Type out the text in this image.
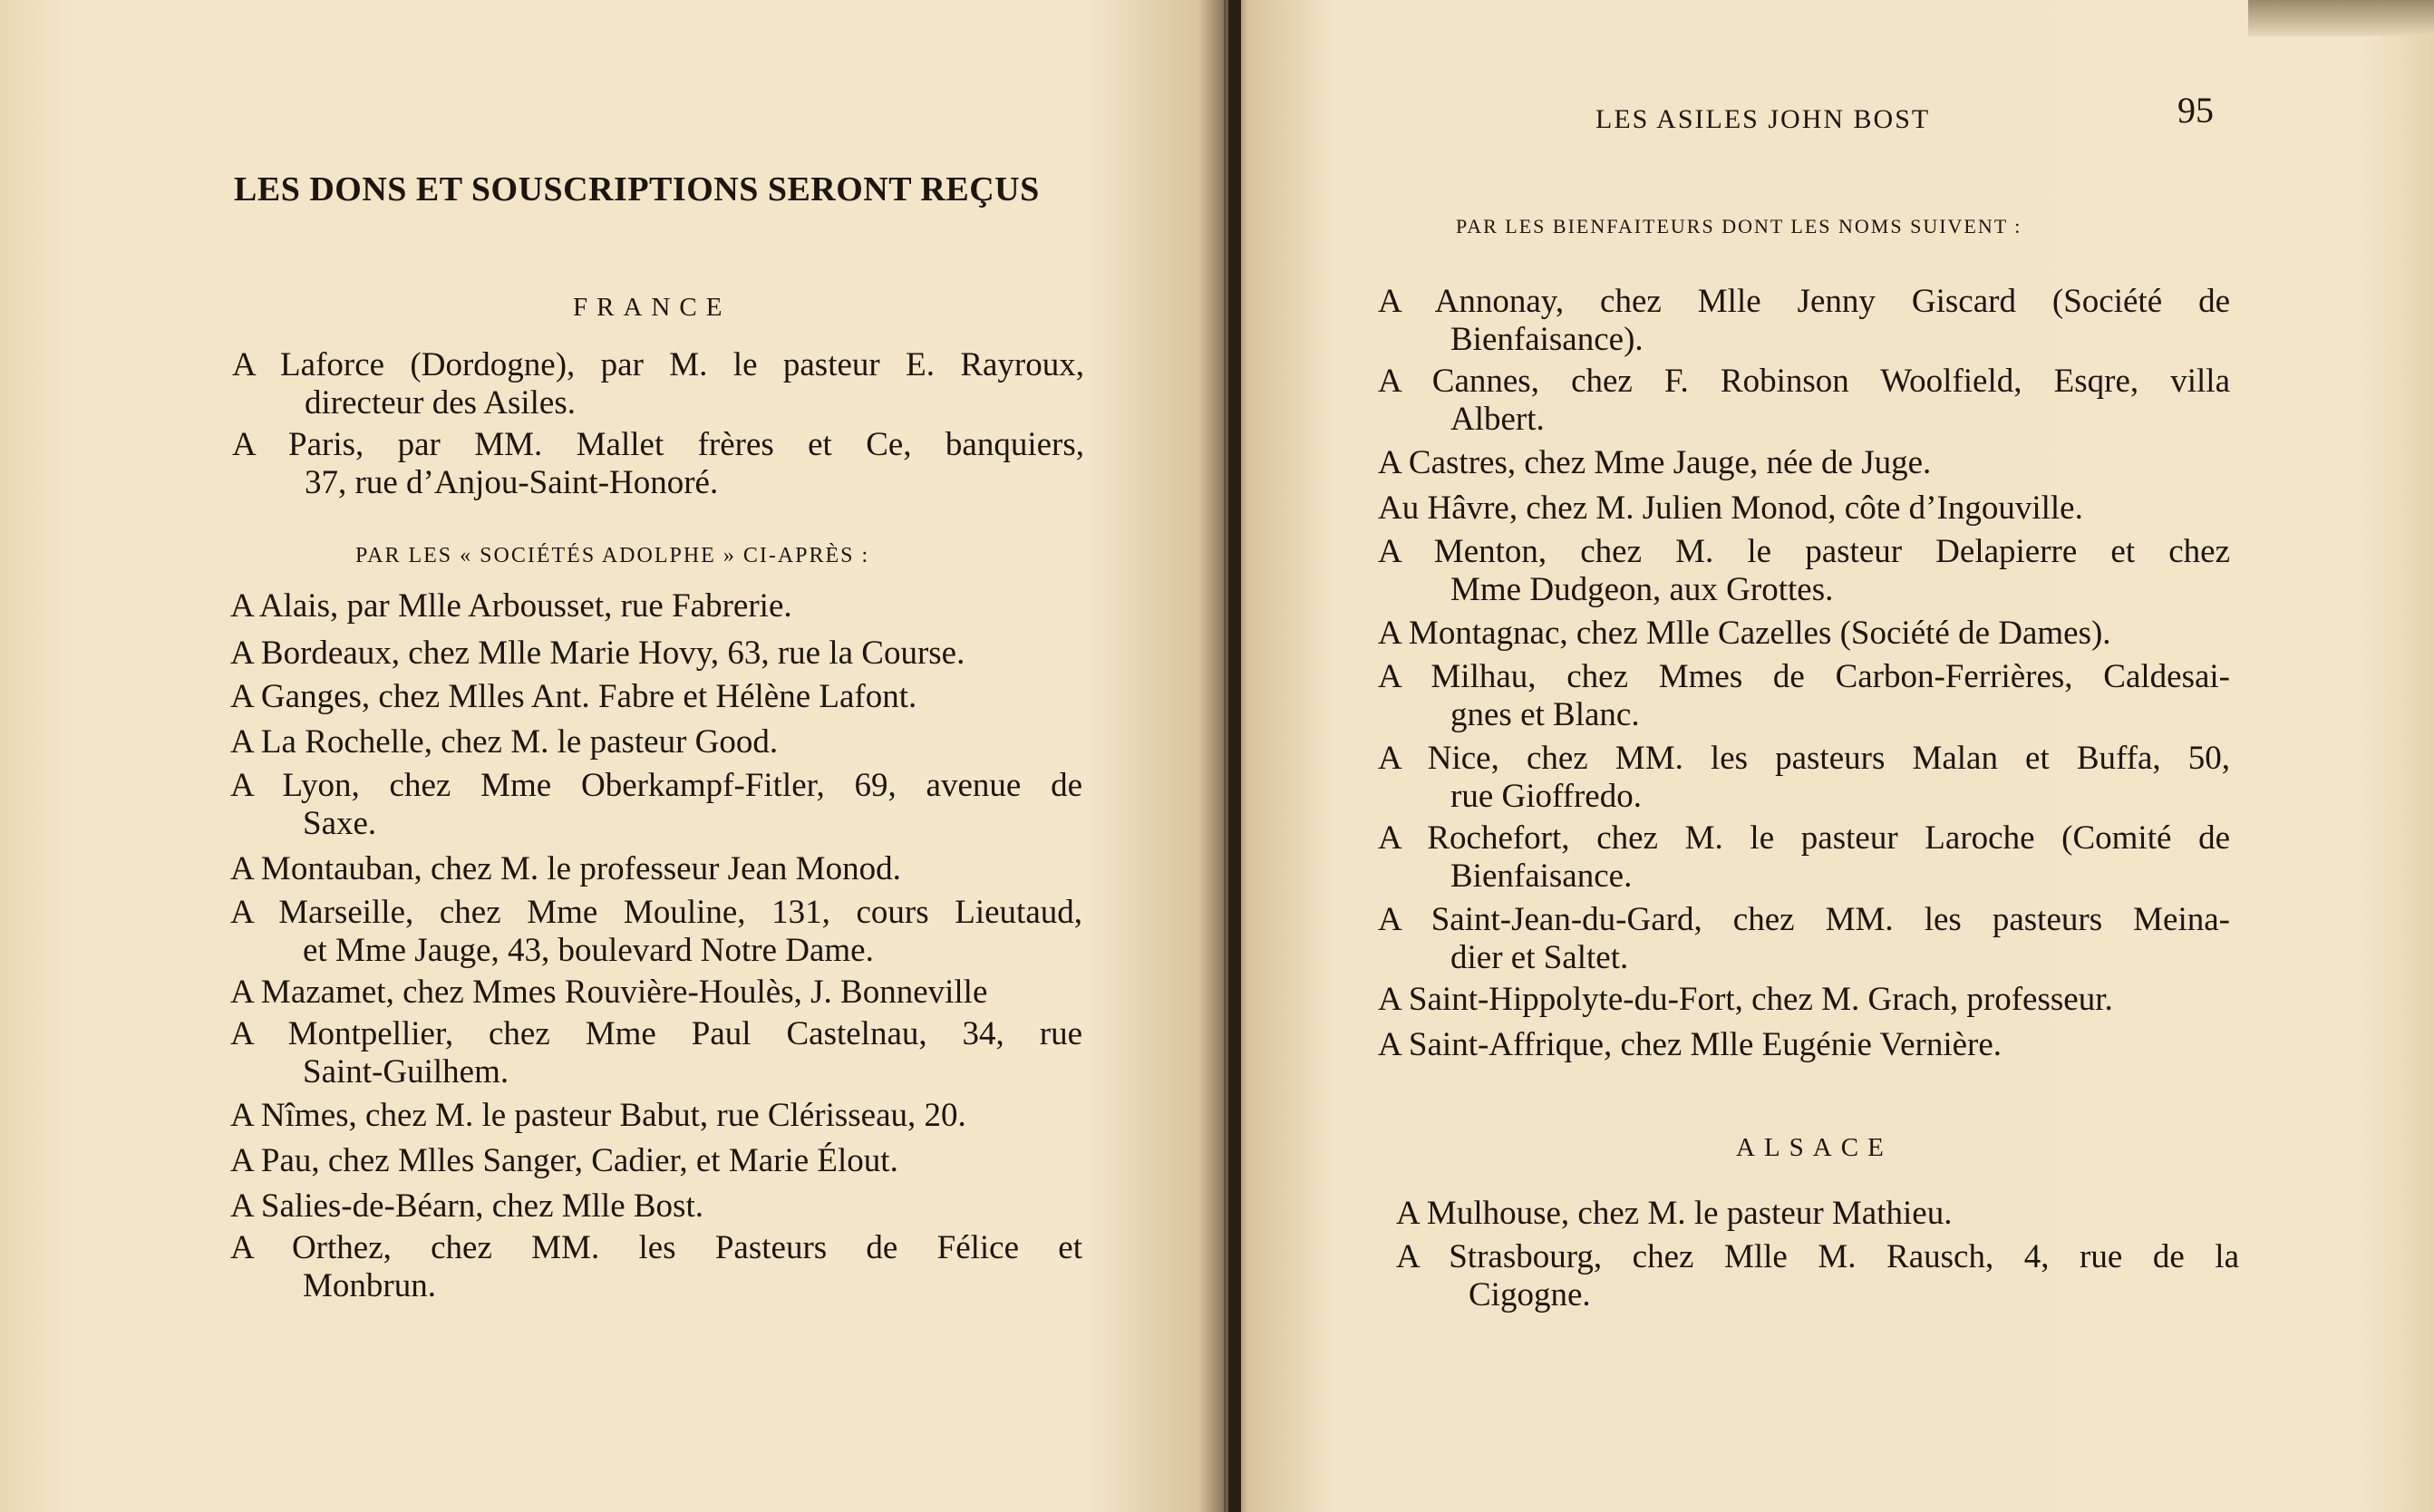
LES DONS ET SOUSCRIPTIONS SERONT REÇUS
FRANCE
A Laforce (Dordogne), par M. le pasteur E. Rayroux,
directeur des Asiles.
A Paris, par MM. Mallet frères et Ce, banquiers,
37, rue d’Anjou-Saint-Honoré.
PAR LES « SOCIÉTÉS ADOLPHE » CI-APRÈS :
A Alais, par Mlle Arbousset, rue Fabrerie.
A Bordeaux, chez Mlle Marie Hovy, 63, rue la Course.
A Ganges, chez Mlles Ant. Fabre et Hélène Lafont.
A La Rochelle, chez M. le pasteur Good.
A Lyon, chez Mme Oberkampf-Fitler, 69, avenue de
Saxe.
A Montauban, chez M. le professeur Jean Monod.
A Marseille, chez Mme Mouline, 131, cours Lieutaud,
et Mme Jauge, 43, boulevard Notre Dame.
A Mazamet, chez Mmes Rouvière-Houlès, J. Bonneville
A Montpellier, chez Mme Paul Castelnau, 34, rue
Saint-Guilhem.
A Nîmes, chez M. le pasteur Babut, rue Clérisseau, 20.
A Pau, chez Mlles Sanger, Cadier, et Marie Élout.
A Salies-de-Béarn, chez Mlle Bost.
A Orthez, chez MM. les Pasteurs de Félice et
Monbrun.
LES ASILES JOHN BOST	95
PAR LES BIENFAITEURS DONT LES NOMS SUIVENT :
A Annonay, chez Mlle Jenny Giscard (Société de
Bienfaisance).
A Cannes, chez F. Robinson Woolfield, Esqre, villa
Albert.
A Castres, chez Mme Jauge, née de Juge.
Au Hâvre, chez M. Julien Monod, côte d’Ingouville.
A Menton, chez M. le pasteur Delapierre et chez
Mme Dudgeon, aux Grottes.
A Montagnac, chez Mlle Cazelles (Société de Dames).
A Milhau, chez Mmes de Carbon-Ferrières, Caldesai-
gnes et Blanc.
A Nice, chez MM. les pasteurs Malan et Buffa, 50,
rue Gioffredo.
A Rochefort, chez M. le pasteur Laroche (Comité de
Bienfaisance.
A Saint-Jean-du-Gard, chez MM. les pasteurs Meina-
dier et Saltet.
A Saint-Hippolyte-du-Fort, chez M. Grach, professeur.
A Saint-Affrique, chez Mlle Eugénie Vernière.
ALSACE
A Mulhouse, chez M. le pasteur Mathieu.
A Strasbourg, chez Mlle M. Rausch, 4, rue de la
Cigogne.
